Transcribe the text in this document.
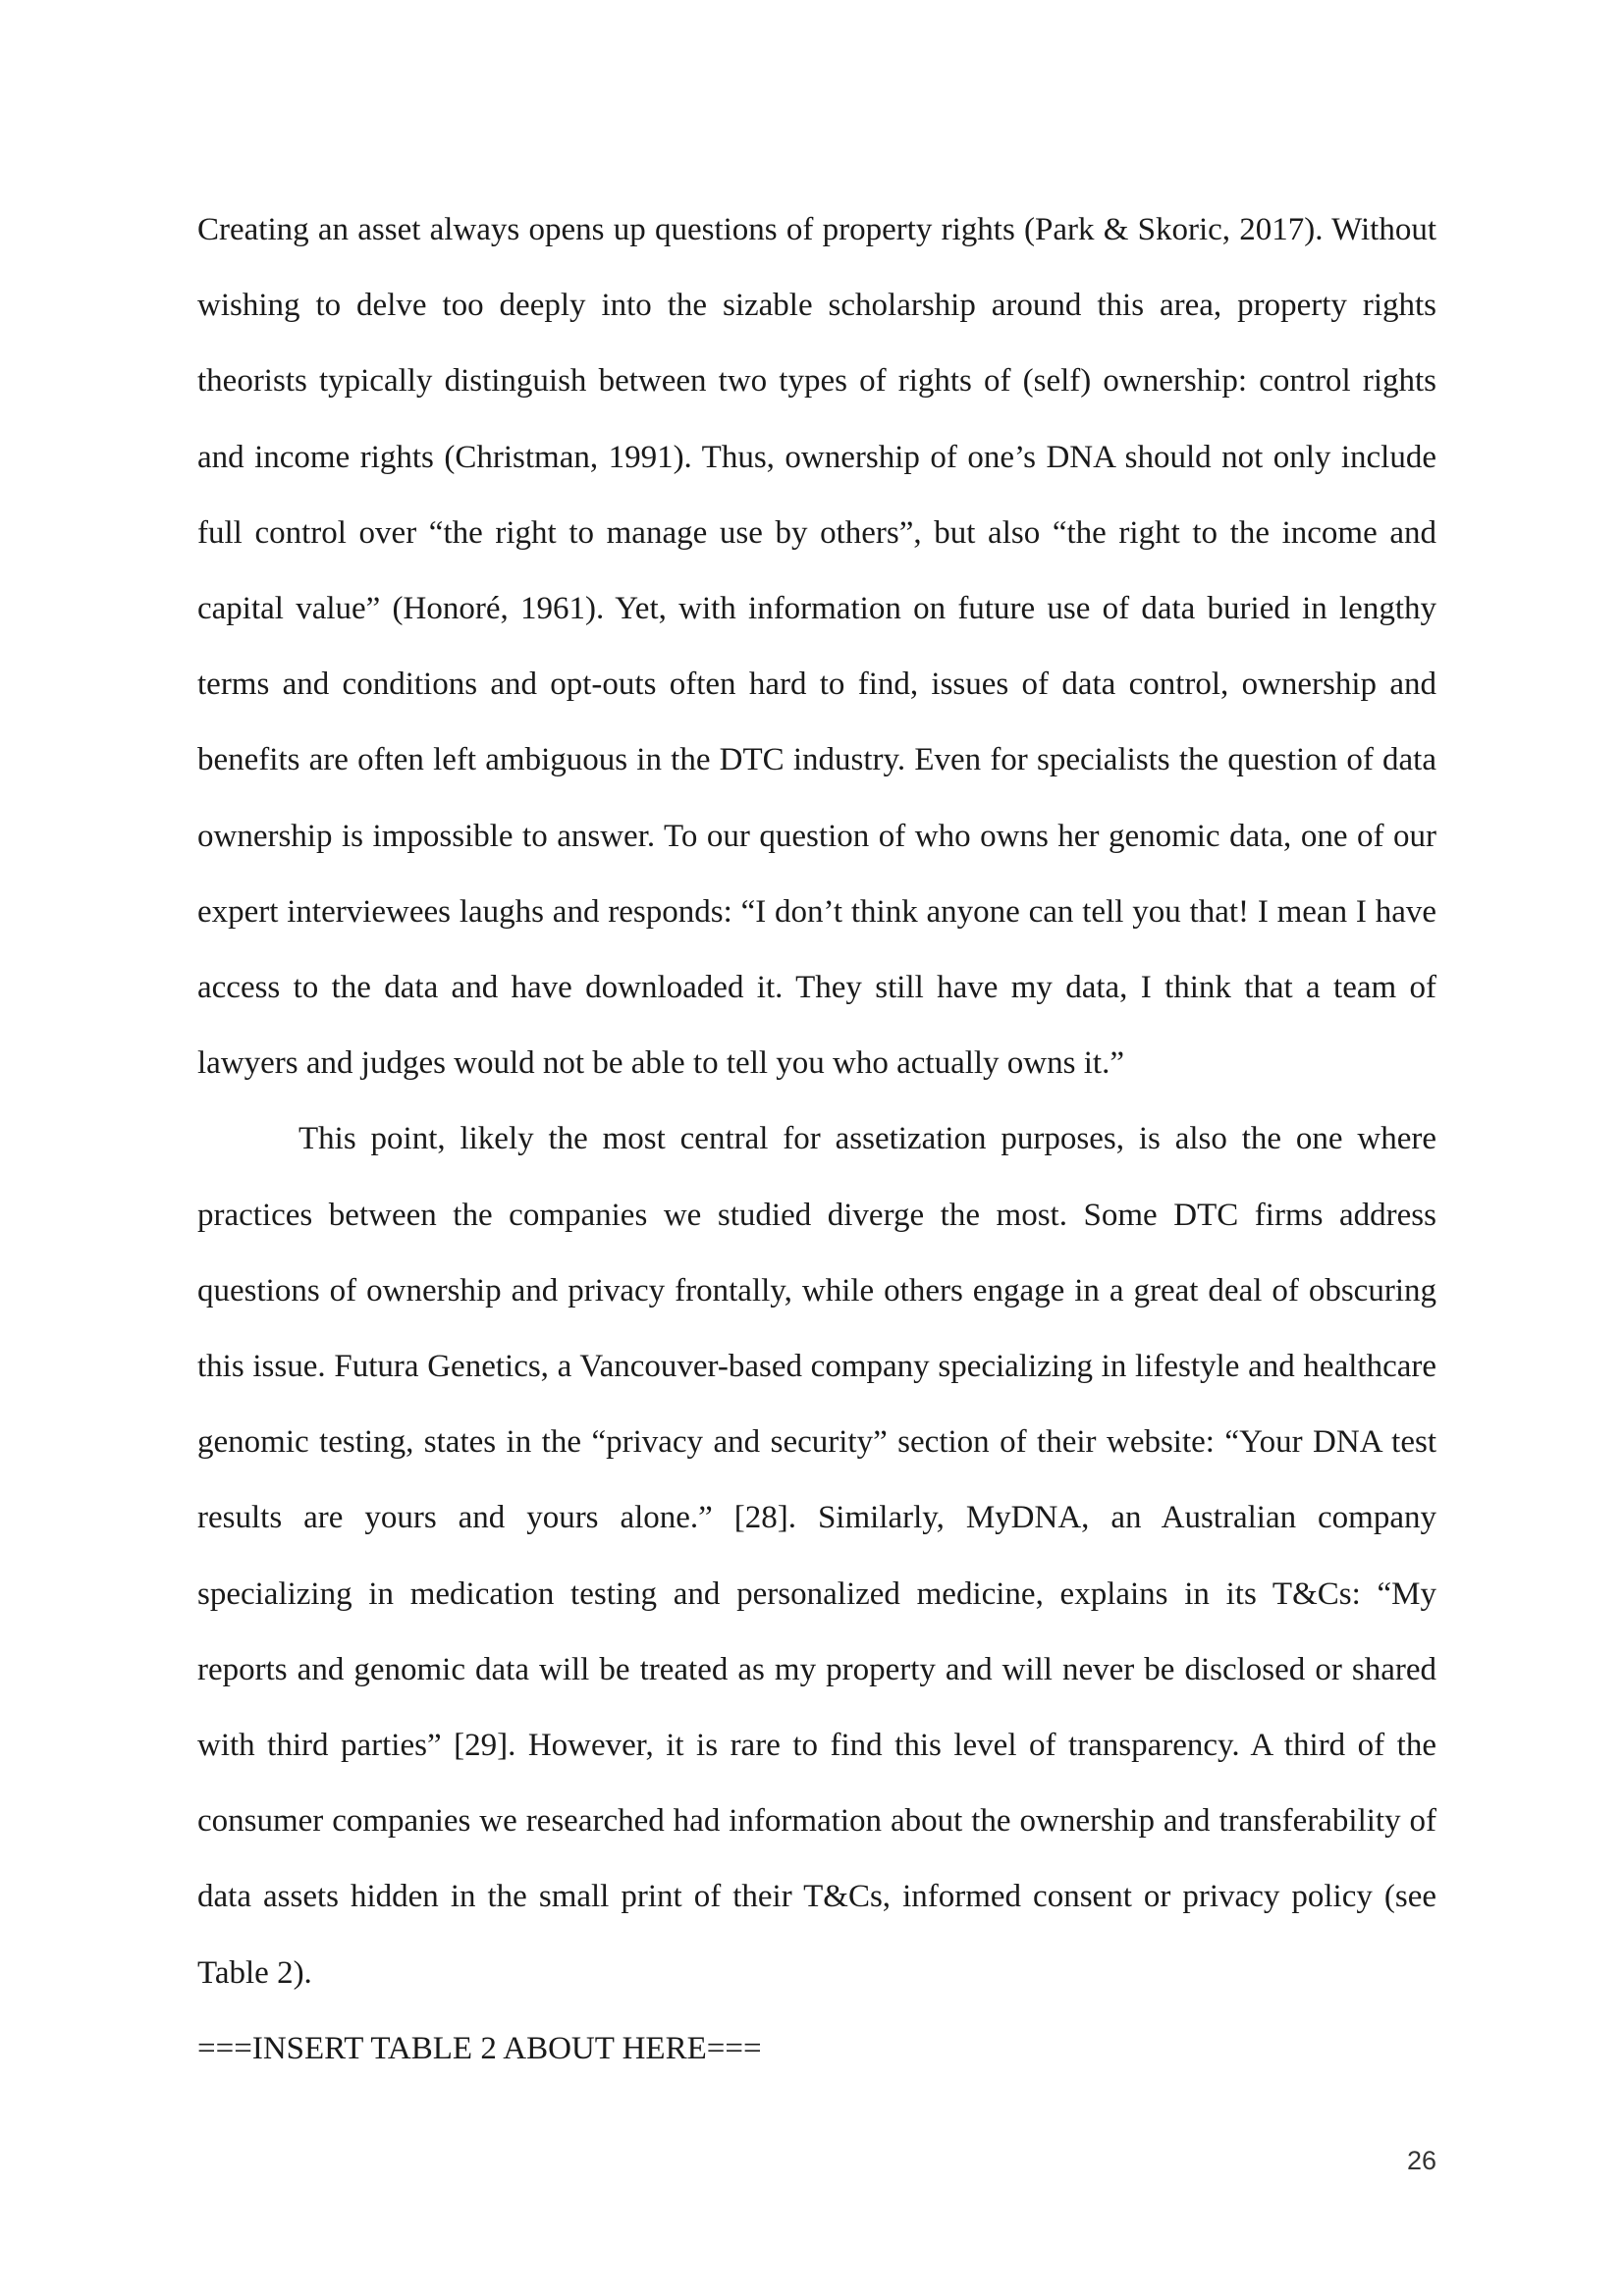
Creating an asset always opens up questions of property rights (Park & Skoric, 2017). Without wishing to delve too deeply into the sizable scholarship around this area, property rights theorists typically distinguish between two types of rights of (self) ownership: control rights and income rights (Christman, 1991). Thus, ownership of one’s DNA should not only include full control over “the right to manage use by others”, but also “the right to the income and capital value” (Honoré, 1961). Yet, with information on future use of data buried in lengthy terms and conditions and opt-outs often hard to find, issues of data control, ownership and benefits are often left ambiguous in the DTC industry. Even for specialists the question of data ownership is impossible to answer. To our question of who owns her genomic data, one of our expert interviewees laughs and responds: “I don’t think anyone can tell you that! I mean I have access to the data and have downloaded it. They still have my data, I think that a team of lawyers and judges would not be able to tell you who actually owns it.”

This point, likely the most central for assetization purposes, is also the one where practices between the companies we studied diverge the most. Some DTC firms address questions of ownership and privacy frontally, while others engage in a great deal of obscuring this issue. Futura Genetics, a Vancouver-based company specializing in lifestyle and healthcare genomic testing, states in the “privacy and security” section of their website: “Your DNA test results are yours and yours alone.” [28]. Similarly, MyDNA, an Australian company specializing in medication testing and personalized medicine, explains in its T&Cs: “My reports and genomic data will be treated as my property and will never be disclosed or shared with third parties” [29]. However, it is rare to find this level of transparency. A third of the consumer companies we researched had information about the ownership and transferability of data assets hidden in the small print of their T&Cs, informed consent or privacy policy (see Table 2).

===INSERT TABLE 2 ABOUT HERE===

26
